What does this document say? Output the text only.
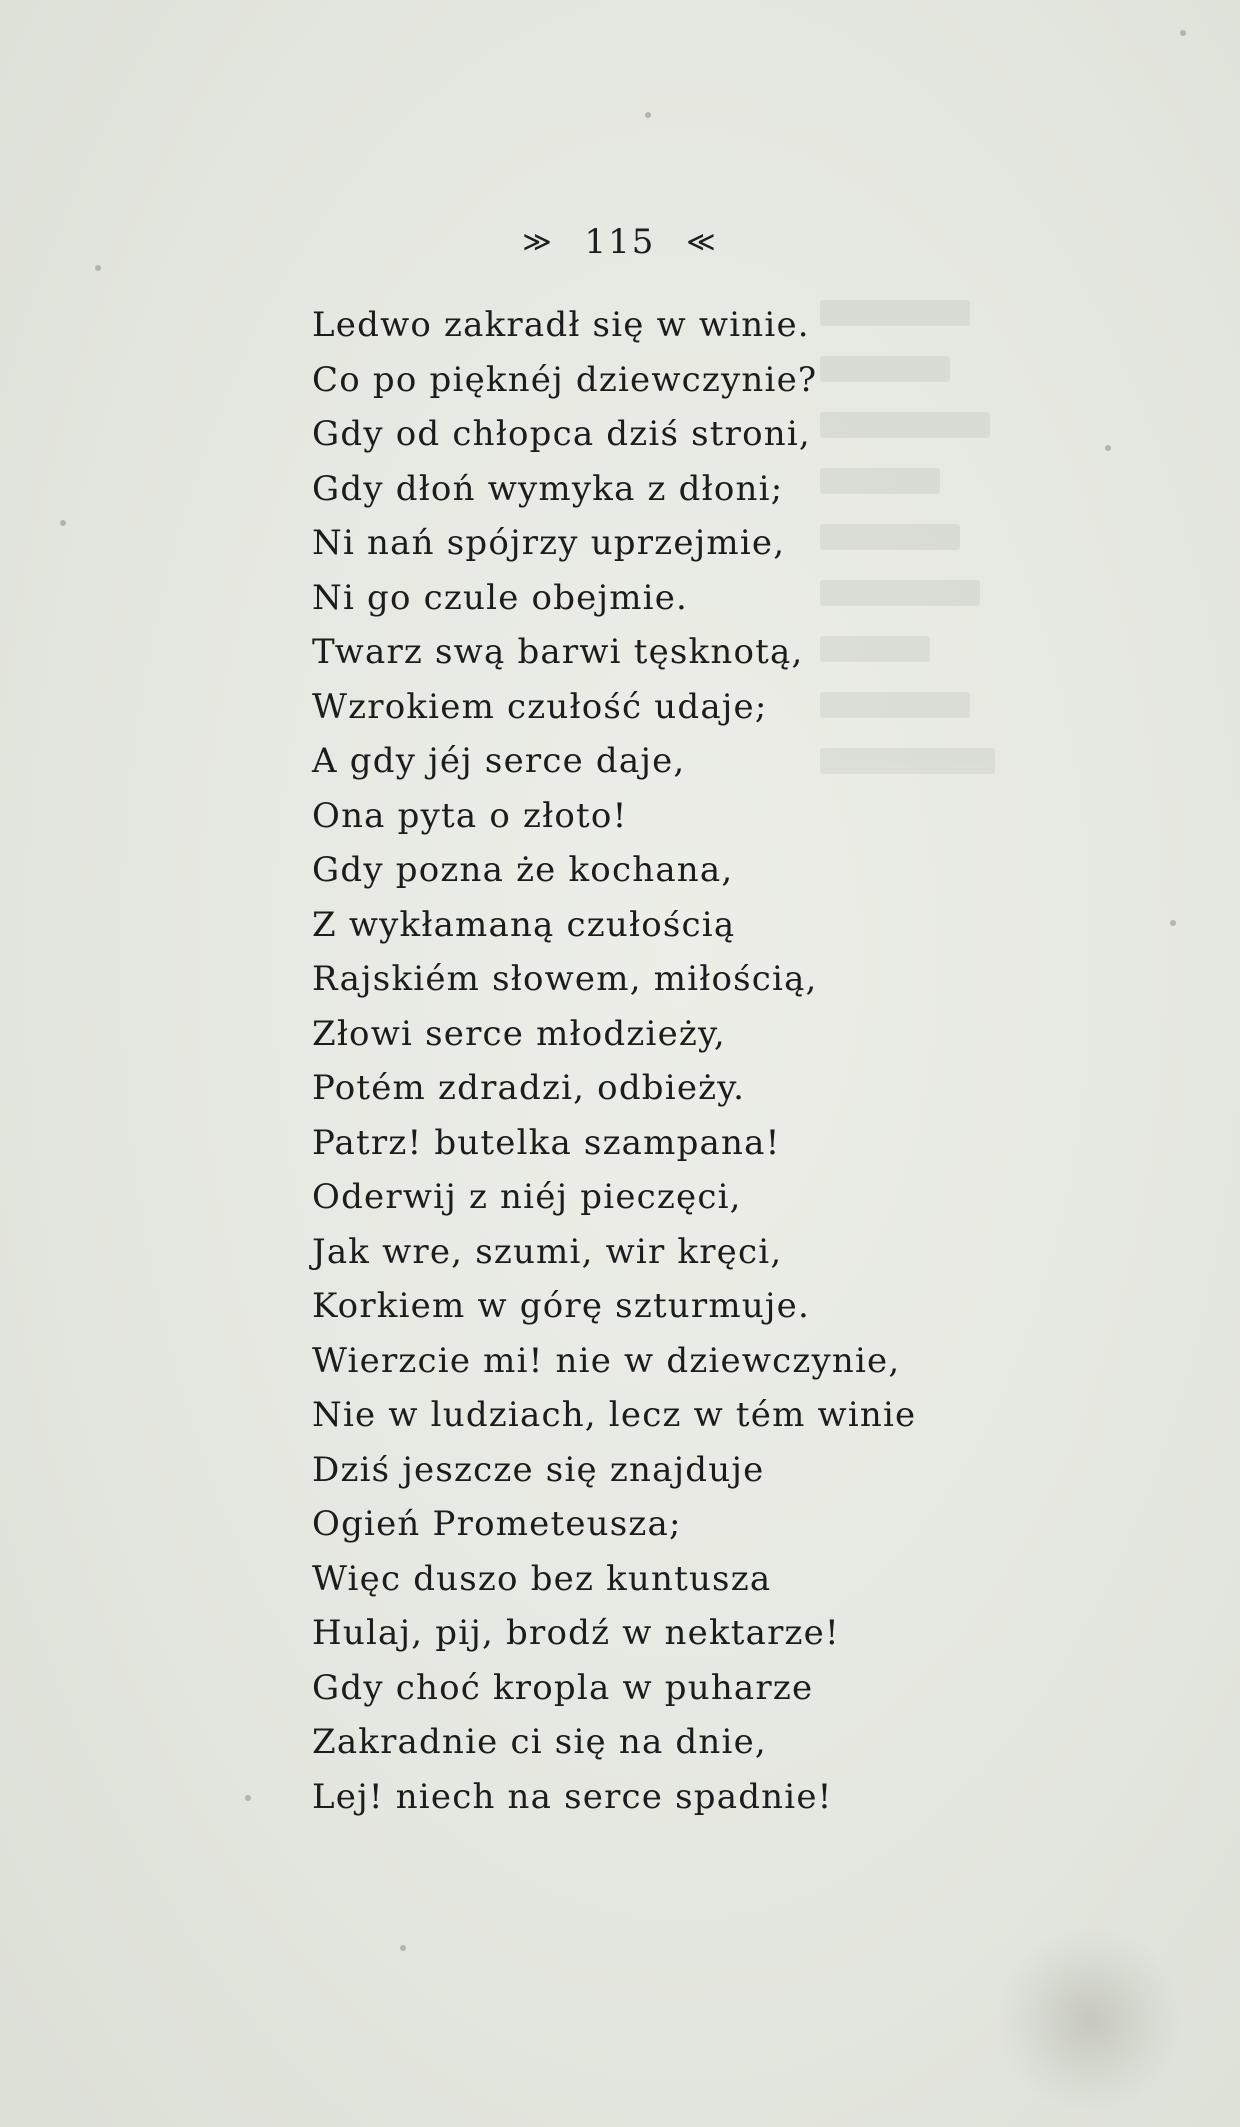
≫ 115 ≪
Ledwo zakradł się w winie.
Co po pięknéj dziewczynie?
Gdy od chłopca dziś stroni,
Gdy dłoń wymyka z dłoni;
Ni nań spójrzy uprzejmie,
Ni go czule obejmie.
Twarz swą barwi tęsknotą,
Wzrokiem czułość udaje;
A gdy jéj serce daje,
Ona pyta o złoto!
Gdy pozna że kochana,
Z wykłamaną czułością
Rajskiém słowem, miłością,
Złowi serce młodzieży,
Potém zdradzi, odbieży.
Patrz! butelka szampana!
Oderwij z niéj pieczęci,
Jak wre, szumi, wir kręci,
Korkiem w górę szturmuje.
Wierzcie mi! nie w dziewczynie,
Nie w ludziach, lecz w tém winie
Dziś jeszcze się znajduje
Ogień Prometeusza;
Więc duszo bez kuntusza
Hulaj, pij, brodź w nektarze!
Gdy choć kropla w puharze
Zakradnie ci się na dnie,
Lej! niech na serce spadnie!
